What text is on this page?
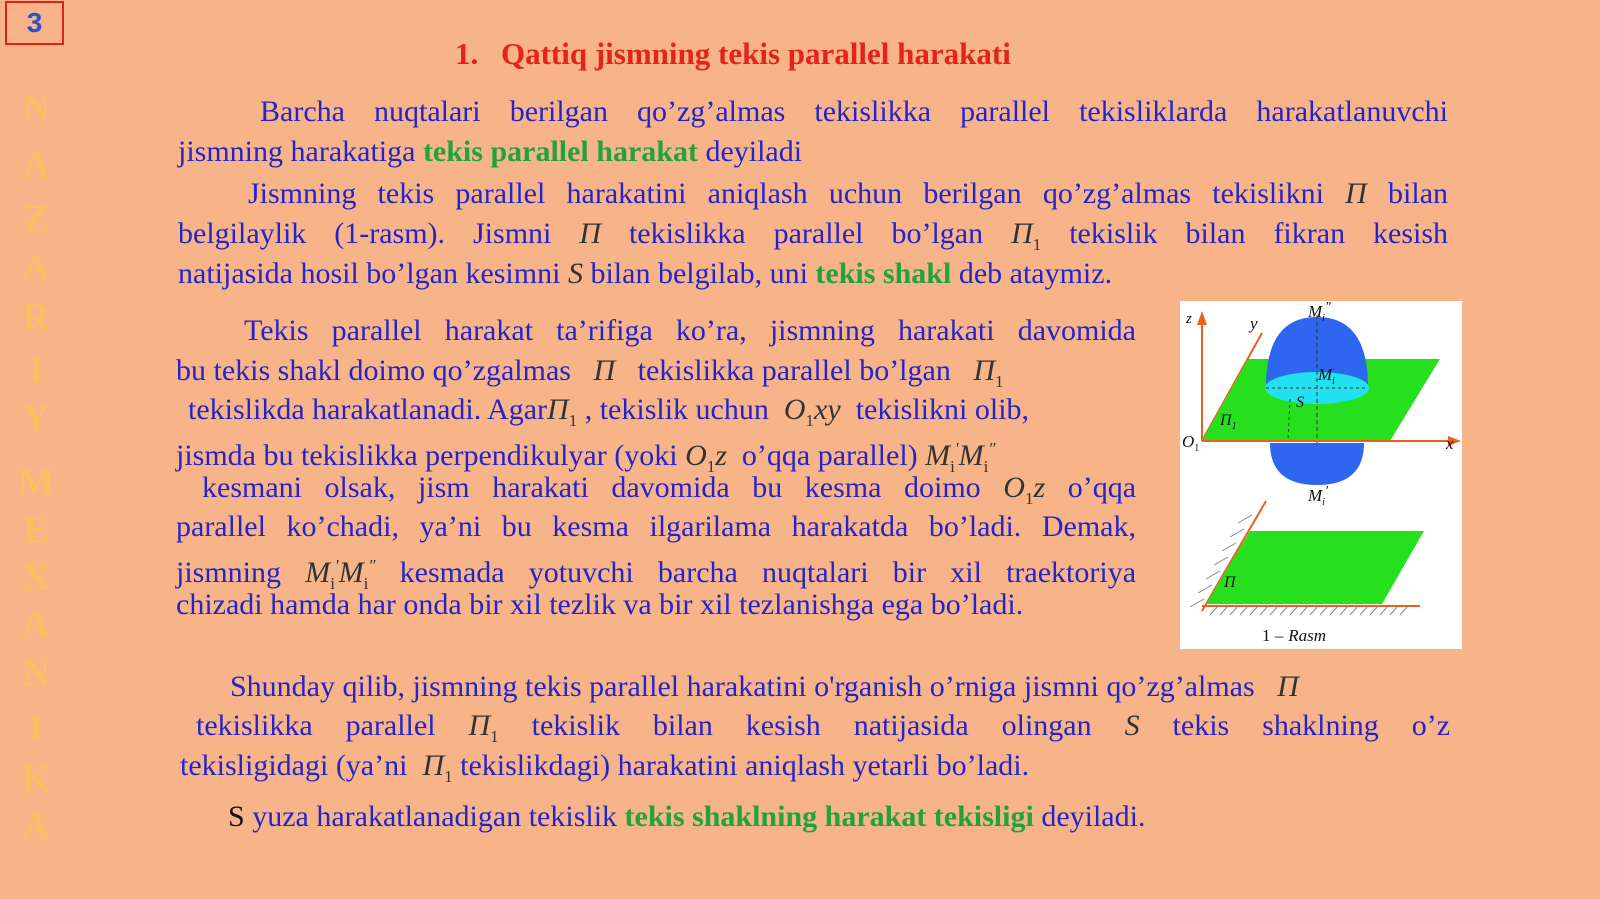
3
N
A
Z
A
R
I
Y
M
E
X
A
N
I
K
A
1. Qattiq jismning tekis parallel harakati
Barcha nuqtalari berilgan qo’zg’almas tekislikka parallel tekisliklarda harakatlanuvchi
jismning harakatiga tekis parallel harakat deyiladi
Jismning tekis parallel harakatini aniqlash uchun berilgan qo’zg’almas tekislikni Π bilan
belgilaylik (1-rasm). Jismni Π tekislikka parallel bo’lgan $\Pi_1$ tekislik bilan fikran kesish
natijasida hosil bo’lgan kesimni S bilan belgilab, uni tekis shakl deb ataymiz.
Tekis parallel harakat ta’rifiga ko’ra, jismning harakati davomida
bu tekis shakl doimo qo’zgalmas Π tekislikka parallel bo’lgan $\Pi_1$
tekislikda harakatlanadi. AgarΠ$_1$ , tekislik uchun $O_1xy$ tekislikni olib,
jismda bu tekislikka perpendikulyar (yoki $O_1z$ o’qqa parallel) $M_i'M_i''$
kesmani olsak, jism harakati davomida bu kesma doimo $O_1z$ o’qqa
parallel ko’chadi, ya’ni bu kesma ilgarilama harakatda bo’ladi. Demak,
jismning $M_i'M_i''$ kesmada yotuvchi barcha nuqtalari bir xil traektoriya
chizadi hamda har onda bir xil tezlik va bir xil tezlanishga ega bo’ladi.
z	y
x
$O_1$
$M_i''$
$M_i$
S
$\Pi_1$
$M_i'$
Π
1 – Rasm
Shunday qilib, jismning tekis parallel harakatini o'rganish o’rniga jismni qo’zg’almas Π
tekislikka parallel $\Pi_1$ tekislik bilan kesish natijasida olingan S tekis shaklning o’z
tekisligidagi (ya’ni $\Pi_1$ tekislikdagi) harakatini aniqlash yetarli bo’ladi.
S yuza harakatlanadigan tekislik tekis shaklning harakat tekisligi deyiladi.
